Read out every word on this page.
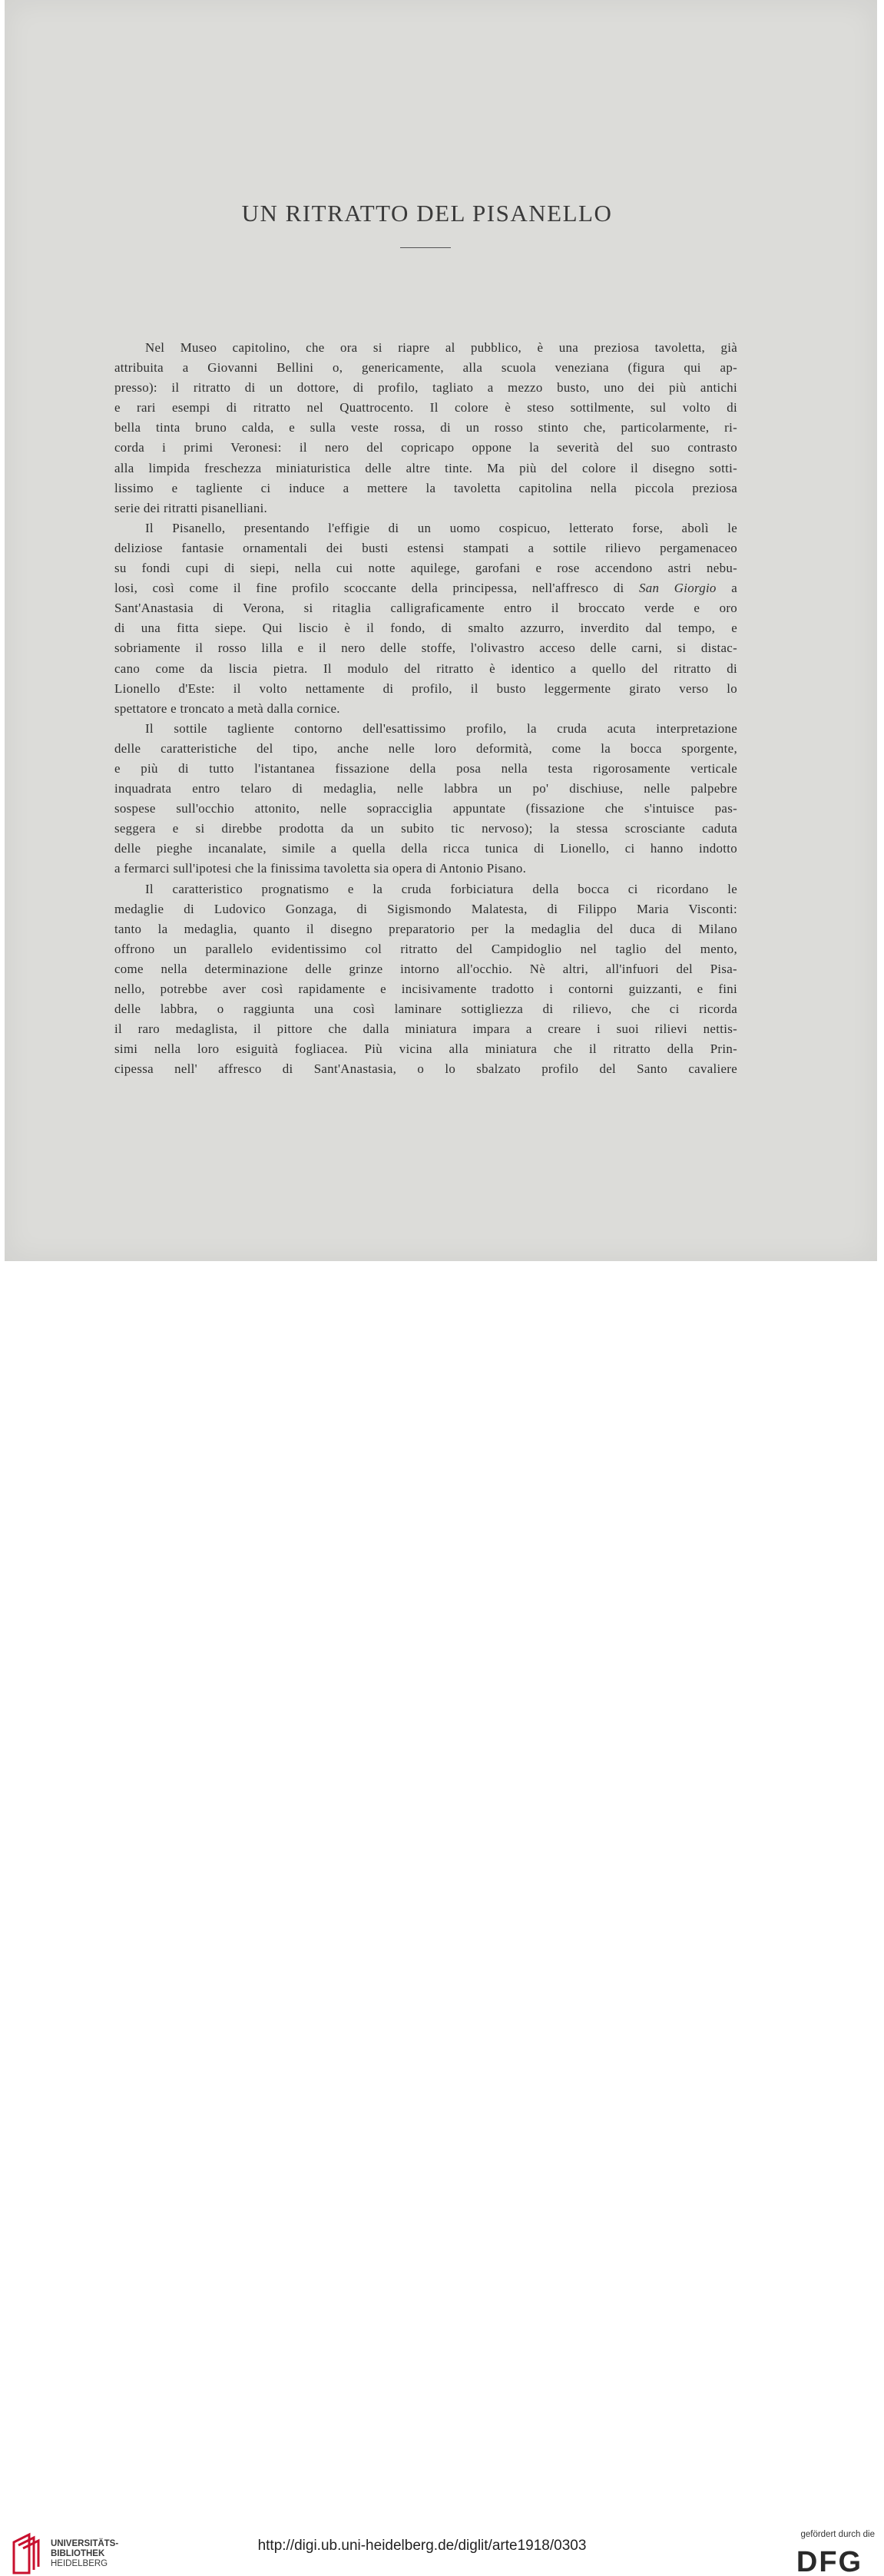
UN RITRATTO DEL PISANELLO
Nel Museo capitolino, che ora si riapre al pubblico, è una preziosa tavoletta, già
attribuita a Giovanni Bellini o, genericamente, alla scuola veneziana (figura qui ap-
presso): il ritratto di un dottore, di profilo, tagliato a mezzo busto, uno dei più antichi
e rari esempi di ritratto nel Quattrocento. Il colore è steso sottilmente, sul volto di
bella tinta bruno calda, e sulla veste rossa, di un rosso stinto che, particolarmente, ri-
corda i primi Veronesi: il nero del copricapo oppone la severità del suo contrasto
alla limpida freschezza miniaturistica delle altre tinte. Ma più del colore il disegno sotti-
lissimo e tagliente ci induce a mettere la tavoletta capitolina nella piccola preziosa
serie dei ritratti pisanelliani.
Il Pisanello, presentando l'effigie di un uomo cospicuo, letterato forse, abolì le
deliziose fantasie ornamentali dei busti estensi stampati a sottile rilievo pergamenaceo
su fondi cupi di siepi, nella cui notte aquilege, garofani e rose accendono astri nebu-
losi, così come il fine profilo scoccante della principessa, nell'affresco di San Giorgio a
Sant'Anastasia di Verona, si ritaglia calligraficamente entro il broccato verde e oro
di una fitta siepe. Qui liscio è il fondo, di smalto azzurro, inverdito dal tempo, e
sobriamente il rosso lilla e il nero delle stoffe, l'olivastro acceso delle carni, si distac-
cano come da liscia pietra. Il modulo del ritratto è identico a quello del ritratto di
Lionello d'Este: il volto nettamente di profilo, il busto leggermente girato verso lo
spettatore e troncato a metà dalla cornice.
Il sottile tagliente contorno dell'esattissimo profilo, la cruda acuta interpretazione
delle caratteristiche del tipo, anche nelle loro deformità, come la bocca sporgente,
e più di tutto l'istantanea fissazione della posa nella testa rigorosamente verticale
inquadrata entro telaro di medaglia, nelle labbra un po' dischiuse, nelle palpebre
sospese sull'occhio attonito, nelle sopracciglia appuntate (fissazione che s'intuisce pas-
seggera e si direbbe prodotta da un subito tic nervoso); la stessa scrosciante caduta
delle pieghe incanalate, simile a quella della ricca tunica di Lionello, ci hanno indotto
a fermarci sull'ipotesi che la finissima tavoletta sia opera di Antonio Pisano.
Il caratteristico prognatismo e la cruda forbiciatura della bocca ci ricordano le
medaglie di Ludovico Gonzaga, di Sigismondo Malatesta, di Filippo Maria Visconti:
tanto la medaglia, quanto il disegno preparatorio per la medaglia del duca di Milano
offrono un parallelo evidentissimo col ritratto del Campidoglio nel taglio del mento,
come nella determinazione delle grinze intorno all'occhio. Nè altri, all'infuori del Pisa-
nello, potrebbe aver così rapidamente e incisivamente tradotto i contorni guizzanti, e fini
delle labbra, o raggiunta una così laminare sottigliezza di rilievo, che ci ricorda
il raro medaglista, il pittore che dalla miniatura impara a creare i suoi rilievi nettis-
simi nella loro esiguità fogliacea. Più vicina alla miniatura che il ritratto della Prin-
cipessa nell' affresco di Sant'Anastasia, o lo sbalzato profilo del Santo cavaliere
UNIVERSITÄTS-
BIBLIOTHEK
HEIDELBERG
http://digi.ub.uni-heidelberg.de/diglit/arte1918/0303
gefördert durch die
DFG
